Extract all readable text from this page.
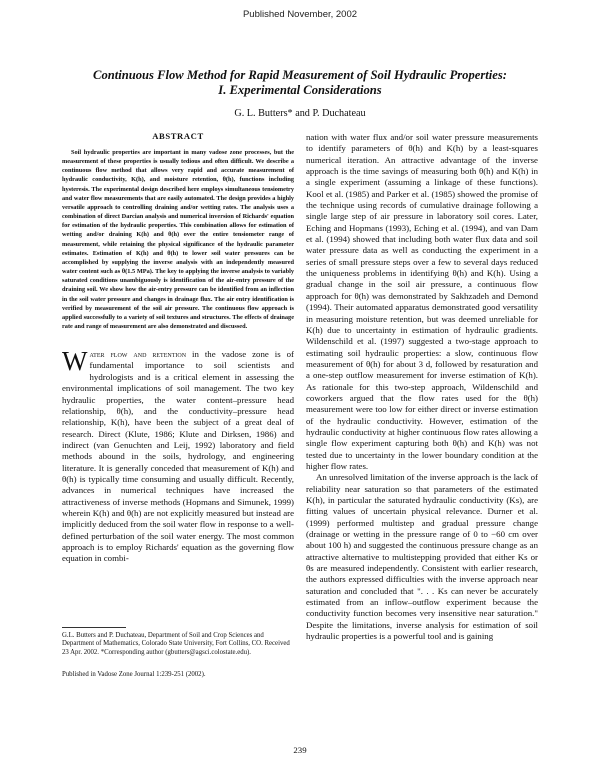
Published November, 2002
Continuous Flow Method for Rapid Measurement of Soil Hydraulic Properties:
I. Experimental Considerations
G. L. Butters* and P. Duchateau
ABSTRACT

Soil hydraulic properties are important in many vadose zone processes, but the measurement of these properties is usually tedious and often difficult. We describe a continuous flow method that allows very rapid and accurate measurement of hydraulic conductivity, K(h), and moisture retention, θ(h), functions including hysteresis. The experimental design described here employs simultaneous tensiometry and water flow measurements that are easily automated. The design provides a highly versatile approach to controlling draining and/or wetting rates. The analysis uses a combination of direct Darcian analysis and numerical inversion of Richards' equation for estimation of the hydraulic properties. This combination allows for estimation of wetting and/or draining K(h) and θ(h) over the entire tensiometer range of measurement, while retaining the physical significance of the hydraulic parameter estimates. Estimation of K(h) and θ(h) to lower soil water pressures can be accomplished by supplying the inverse analysis with an independently measured water content such as θ(1.5 MPa). The key to applying the inverse analysis to variably saturated conditions unambiguously is identification of the air-entry pressure of the draining soil. We show how the air-entry pressure can be identified from an inflection in the soil water pressure and changes in drainage flux. The air entry identification is verified by measurement of the soil air pressure. The continuous flow approach is applied successfully to a variety of soil textures and structures. The effects of drainage rate and range of measurement are also demonstrated and discussed.

Water flow and retention in the vadose zone is of fundamental importance to soil scientists and hydrologists and is a critical element in assessing the environmental implications of soil management. The two key hydraulic properties, the water content–pressure head relationship, θ(h), and the conductivity–pressure head relationship, K(h), have been the subject of a great deal of research. Direct (Klute, 1986; Klute and Dirksen, 1986) and indirect (van Genuchten and Leij, 1992) laboratory and field methods abound in the soils, hydrology, and engineering literature. It is generally conceded that measurement of K(h) and θ(h) is typically time consuming and usually difficult. Recently, advances in numerical techniques have increased the attractiveness of inverse methods (Hopmans and Simunek, 1999) wherein K(h) and θ(h) are not explicitly measured but instead are implicitly deduced from the soil water flow in response to a well-defined perturbation of the soil water energy. The most common approach is to employ Richards' equation as the governing flow equation in combi-

nation with water flux and/or soil water pressure measurements to identify parameters of θ(h) and K(h) by a least-squares numerical iteration. An attractive advantage of the inverse approach is the time savings of measuring both θ(h) and K(h) in a single experiment (assuming a linkage of these functions). Kool et al. (1985) and Parker et al. (1985) showed the promise of the technique using records of cumulative drainage following a single large step of air pressure in laboratory soil cores. Later, Eching and Hopmans (1993), Eching et al. (1994), and van Dam et al. (1994) showed that including both water flux data and soil water pressure data as well as conducting the experiment in a series of small pressure steps over a few to several days reduced the uniqueness problems in identifying θ(h) and K(h). Using a gradual change in the soil air pressure, a continuous flow approach for θ(h) was demonstrated by Sakhzadeh and Demond (1994). Their automated apparatus demonstrated good versatility in measuring moisture retention, but was deemed unreliable for K(h) due to uncertainty in estimation of hydraulic gradients. Wildenschild et al. (1997) suggested a two-stage approach to estimating soil hydraulic properties: a slow, continuous flow measurement of θ(h) for about 3 d, followed by resaturation and a one-step outflow measurement for inverse estimation of K(h). As rationale for this two-step approach, Wildenschild and coworkers argued that the flow rates used for the θ(h) measurement were too low for either direct or inverse estimation of the hydraulic conductivity. However, estimation of the hydraulic conductivity at higher continuous flow rates allowing a single flow experiment capturing both θ(h) and K(h) was not tested due to uncertainty in the lower boundary condition at the higher flow rates.

An unresolved limitation of the inverse approach is the lack of reliability near saturation so that parameters of the estimated K(h), in particular the saturated hydraulic conductivity (Ks), are fitting values of uncertain physical relevance. Durner et al. (1999) performed multistep and gradual pressure change (drainage or wetting in the pressure range of 0 to −60 cm over about 100 h) and suggested the continuous pressure change as an attractive alternative to multistepping provided that either Ks or θs are measured independently. Consistent with earlier research, the authors expressed difficulties with the inverse approach near saturation and concluded that ". . . Ks can never be accurately estimated from an inflow–outflow experiment because the conductivity function becomes very insensitive near saturation." Despite the limitations, inverse analysis for estimation of soil hydraulic properties is a powerful tool and is gaining

G.L. Butters and P. Duchateau, Department of Soil and Crop Sciences and Department of Mathematics, Colorado State University, Fort Collins, CO. Received 23 Apr. 2002. *Corresponding author (gbutters@agsci.colostate.edu).
Published in Vadose Zone Journal 1:239-251 (2002).
239
